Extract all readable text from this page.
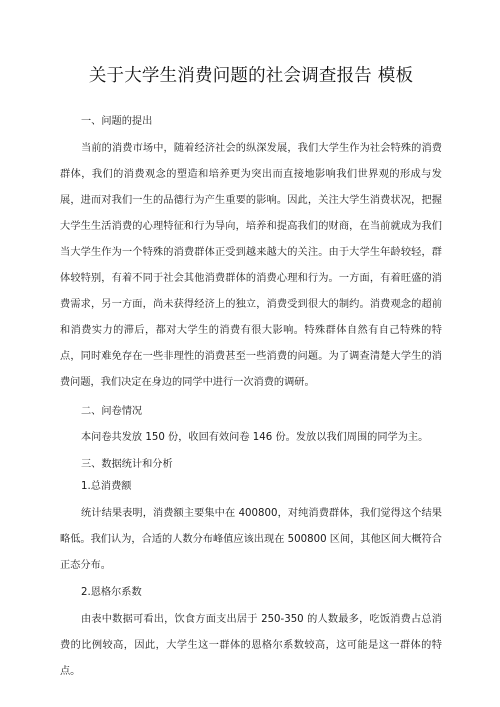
关于大学生消费问题的社会调查报告 模板

一、问题的提出

当前的消费市场中，随着经济社会的纵深发展，我们大学生作为社会特殊的消费群体，我们的消费观念的塑造和培养更为突出而直接地影响我们世界观的形成与发展，进而对我们一生的品德行为产生重要的影响。因此，关注大学生消费状况，把握大学生生活消费的心理特征和行为导向，培养和提高我们的财商，在当前就成为我们当大学生作为一个特殊的消费群体正受到越来越大的关注。由于大学生年龄较轻，群体较特别，有着不同于社会其他消费群体的消费心理和行为。一方面，有着旺盛的消费需求，另一方面，尚未获得经济上的独立，消费受到很大的制约。消费观念的超前和消费实力的滞后，都对大学生的消费有很大影响。特殊群体自然有自己特殊的特点，同时难免存在一些非理性的消费甚至一些消费的问题。为了调查清楚大学生的消费问题，我们决定在身边的同学中进行一次消费的调研。

二、问卷情况

本问卷共发放 150 份，收回有效问卷 146 份。发放以我们周围的同学为主。

三、数据统计和分析

1.总消费额

统计结果表明，消费额主要集中在 400800，对纯消费群体，我们觉得这个结果略低。我们认为，合适的人数分布峰值应该出现在 500800 区间，其他区间大概符合正态分布。

2.恩格尔系数

由表中数据可看出，饮食方面支出居于 250-350 的人数最多，吃饭消费占总消费的比例较高，因此，大学生这一群体的恩格尔系数较高，这可能是这一群体的特点。
